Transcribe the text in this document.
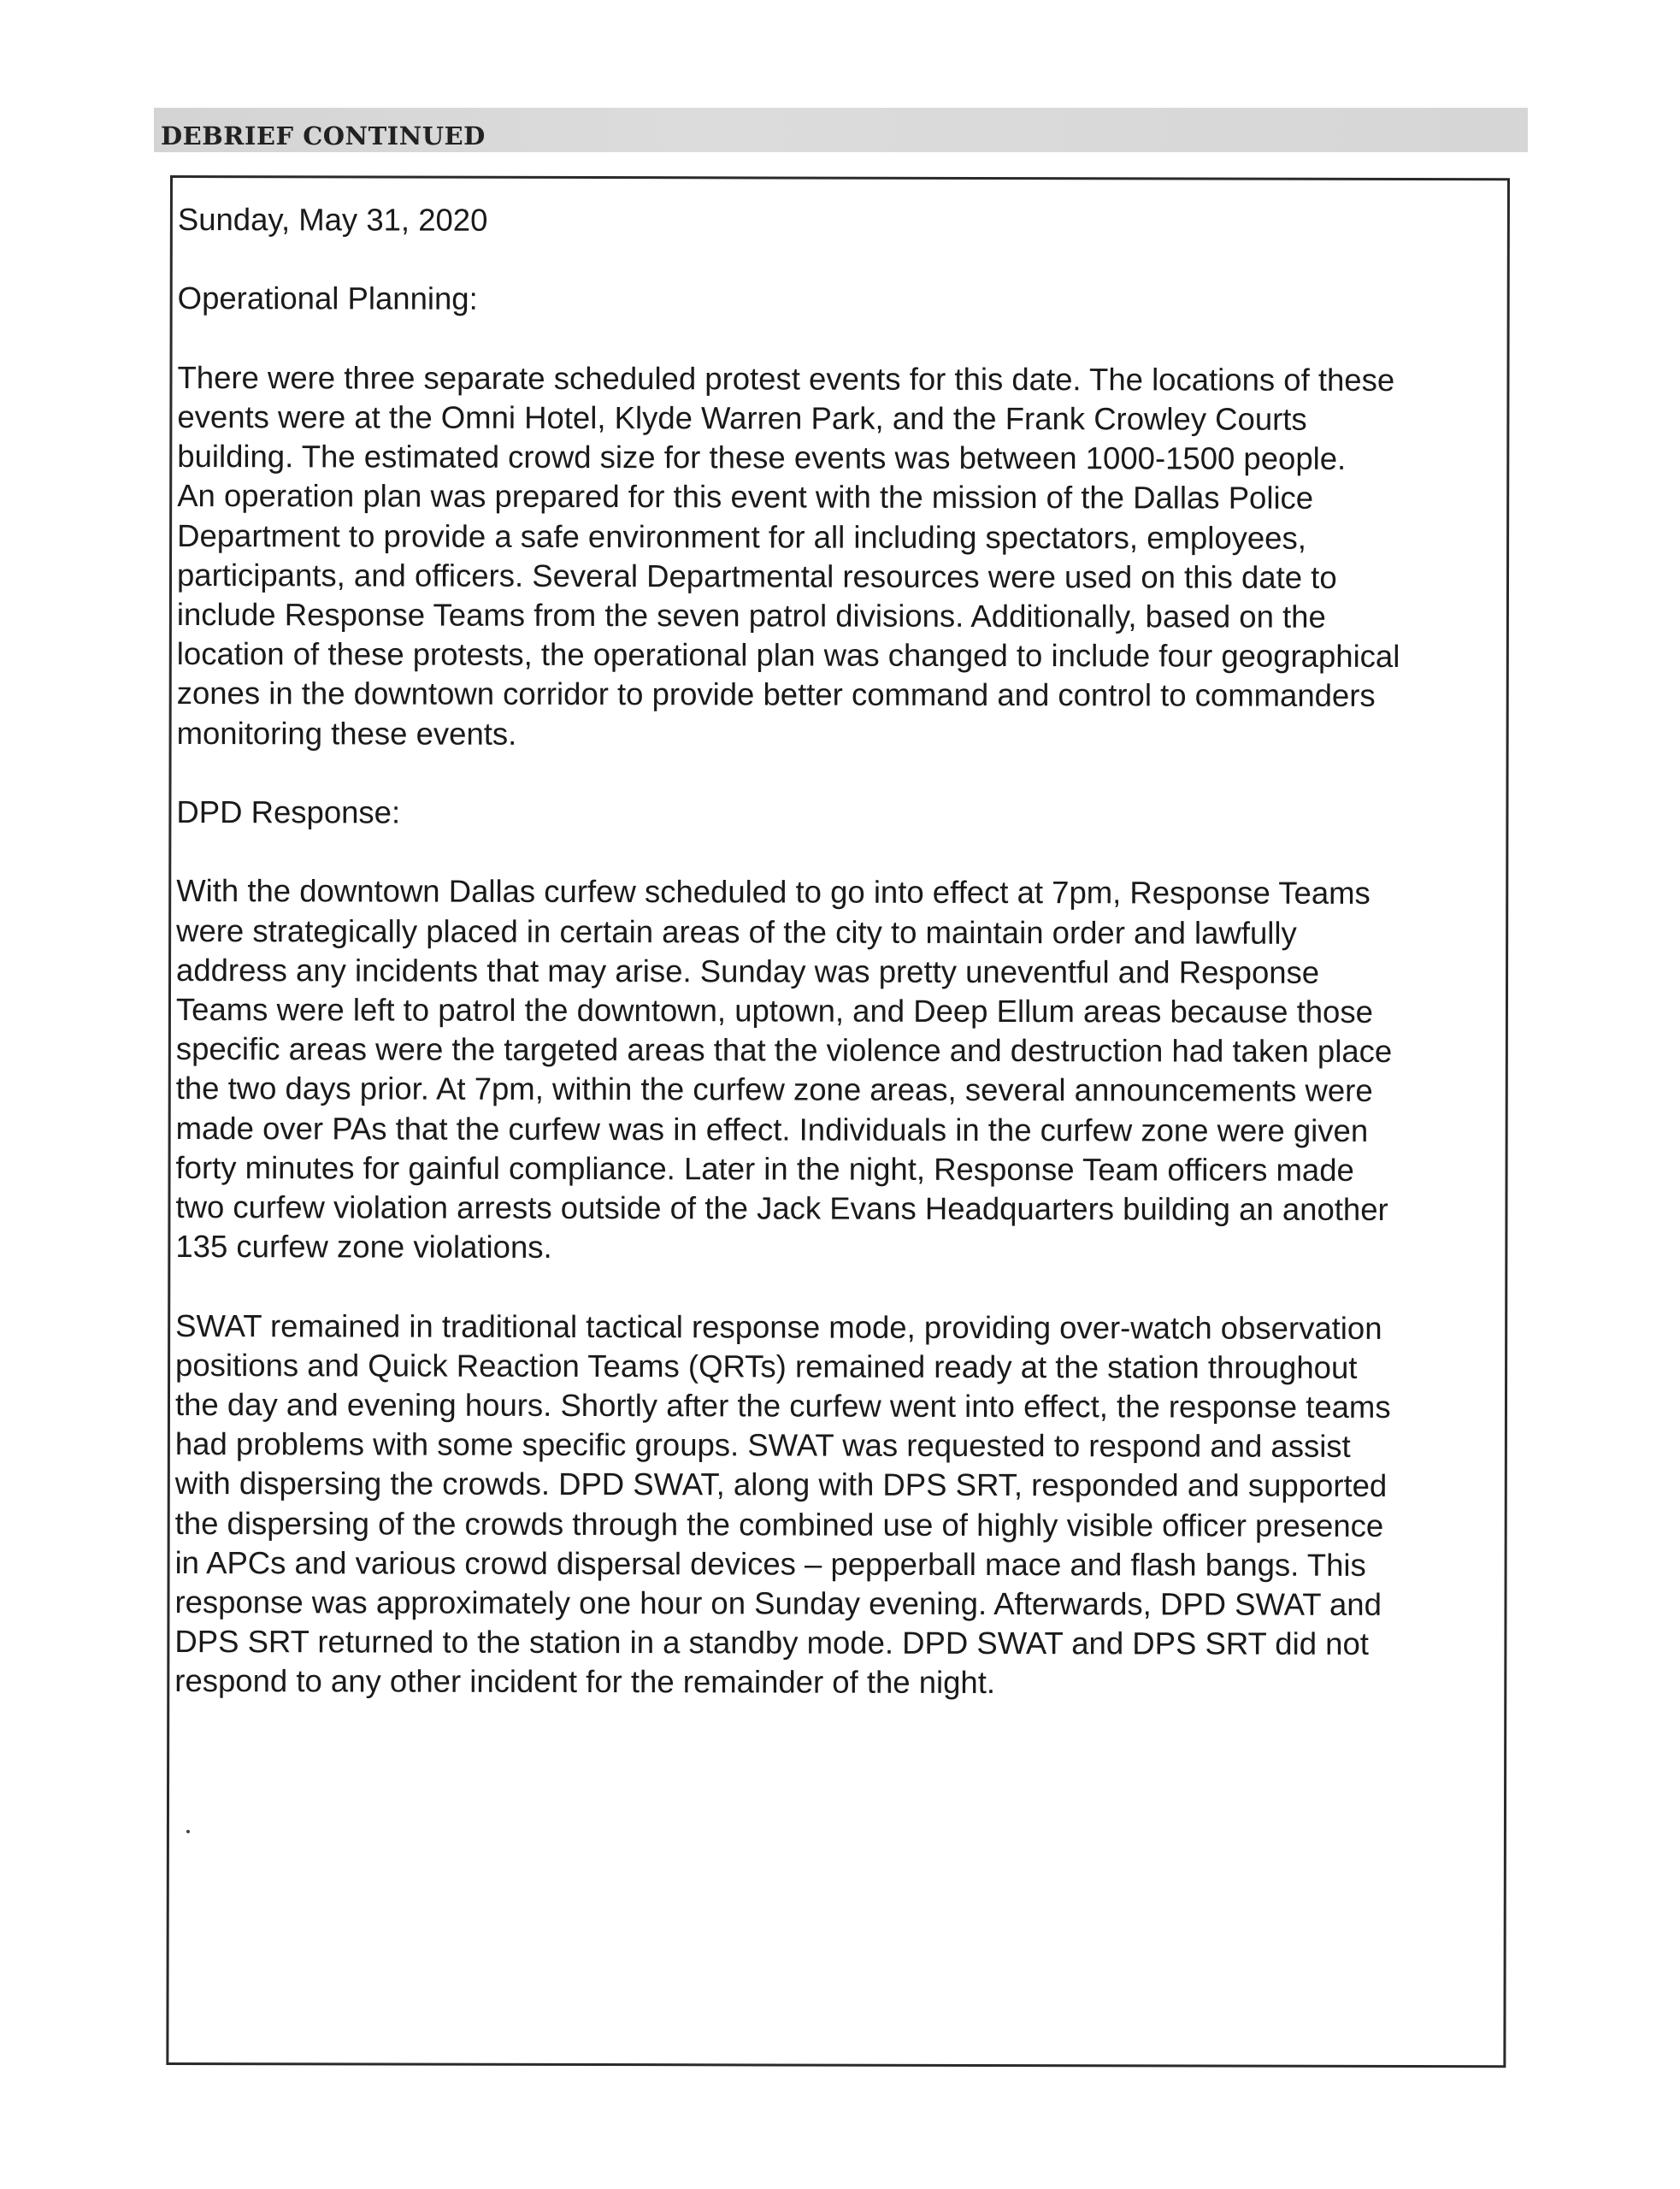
DEBRIEF CONTINUED

Sunday, May 31, 2020

Operational Planning:

There were three separate scheduled protest events for this date. The locations of these
events were at the Omni Hotel, Klyde Warren Park, and the Frank Crowley Courts
building. The estimated crowd size for these events was between 1000-1500 people.
An operation plan was prepared for this event with the mission of the Dallas Police
Department to provide a safe environment for all including spectators, employees,
participants, and officers. Several Departmental resources were used on this date to
include Response Teams from the seven patrol divisions. Additionally, based on the
location of these protests, the operational plan was changed to include four geographical
zones in the downtown corridor to provide better command and control to commanders
monitoring these events.

DPD Response:

With the downtown Dallas curfew scheduled to go into effect at 7pm, Response Teams
were strategically placed in certain areas of the city to maintain order and lawfully
address any incidents that may arise. Sunday was pretty uneventful and Response
Teams were left to patrol the downtown, uptown, and Deep Ellum areas because those
specific areas were the targeted areas that the violence and destruction had taken place
the two days prior. At 7pm, within the curfew zone areas, several announcements were
made over PAs that the curfew was in effect. Individuals in the curfew zone were given
forty minutes for gainful compliance. Later in the night, Response Team officers made
two curfew violation arrests outside of the Jack Evans Headquarters building an another
135 curfew zone violations.

SWAT remained in traditional tactical response mode, providing over-watch observation
positions and Quick Reaction Teams (QRTs) remained ready at the station throughout
the day and evening hours. Shortly after the curfew went into effect, the response teams
had problems with some specific groups. SWAT was requested to respond and assist
with dispersing the crowds. DPD SWAT, along with DPS SRT, responded and supported
the dispersing of the crowds through the combined use of highly visible officer presence
in APCs and various crowd dispersal devices – pepperball mace and flash bangs. This
response was approximately one hour on Sunday evening. Afterwards, DPD SWAT and
DPS SRT returned to the station in a standby mode. DPD SWAT and DPS SRT did not
respond to any other incident for the remainder of the night.
